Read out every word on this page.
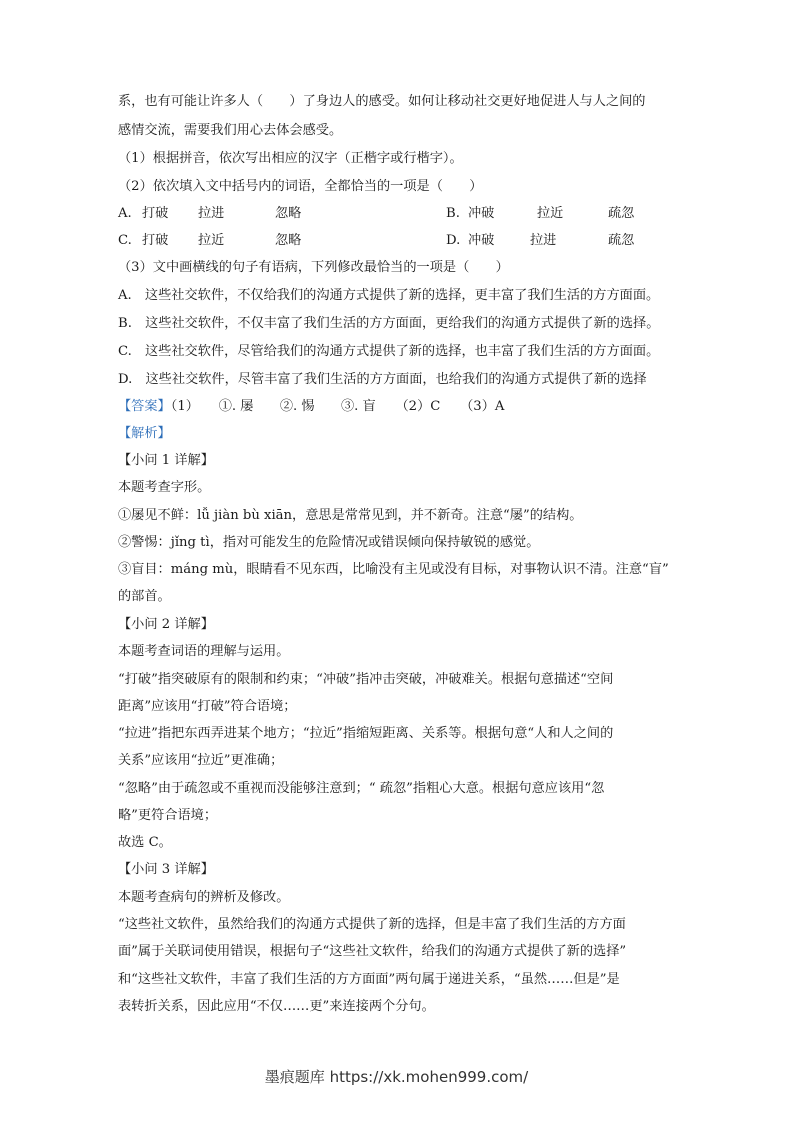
系，也有可能让许多人（　　）了身边人的感受。如何让移动社交更好地促进人与人之间的
感情交流，需要我们用心去体会感受。
（1）根据拼音，依次写出相应的汉字（正楷字或行楷字）。
（2）依次填入文中括号内的词语，全都恰当的一项是（　　）
A. 打破 拉进	忽略	B. 冲破	拉近	疏忽
C. 打破 拉近	忽略	D. 冲破	拉进	疏忽
（3）文中画横线的句子有语病，下列修改最恰当的一项是（　　）
A.　这些社交软件，不仅给我们的沟通方式提供了新的选择，更丰富了我们生活的方方面面。
B.　这些社交软件，不仅丰富了我们生活的方方面面，更给我们的沟通方式提供了新的选择。
C.　这些社交软件，尽管给我们的沟通方式提供了新的选择，也丰富了我们生活的方方面面。
D.　这些社交软件，尽管丰富了我们生活的方方面面，也给我们的沟通方式提供了新的选择
【答案】（1）　　①. 屡　　②. 惕　　③. 盲　　（2）C　　（3）A
【解析】
【小问 1 详解】
本题考查字形。
①屡见不鲜：lǚ jiàn bù xiān，意思是常常见到，并不新奇。注意“屡”的结构。
②警惕：jǐng tì，指对可能发生的危险情况或错误倾向保持敏锐的感觉。
③盲目：máng mù，眼睛看不见东西，比喻没有主见或没有目标，对事物认识不清。注意“盲”
的部首。
【小问 2 详解】
本题考查词语的理解与运用。
“打破”指突破原有的限制和约束；“冲破”指冲击突破，冲破难关。根据句意描述“空间
距离”应该用“打破”符合语境；
“拉进”指把东西弄进某个地方；“拉近”指缩短距离、关系等。根据句意“人和人之间的
关系”应该用“拉近”更准确；
“忽略”由于疏忽或不重视而没能够注意到；“ 疏忽”指粗心大意。根据句意应该用“忽
略”更符合语境；
故选 C。
【小问 3 详解】
本题考查病句的辨析及修改。
“这些社文软件，虽然给我们的沟通方式提供了新的选择，但是丰富了我们生活的方方面
面”属于关联词使用错误，根据句子“这些社文软件，给我们的沟通方式提供了新的选择”
和“这些社文软件，丰富了我们生活的方方面面”两句属于递进关系，“虽然……但是”是
表转折关系，因此应用“不仅……更”来连接两个分句。
墨痕题库 https://xk.mohen999.com/
